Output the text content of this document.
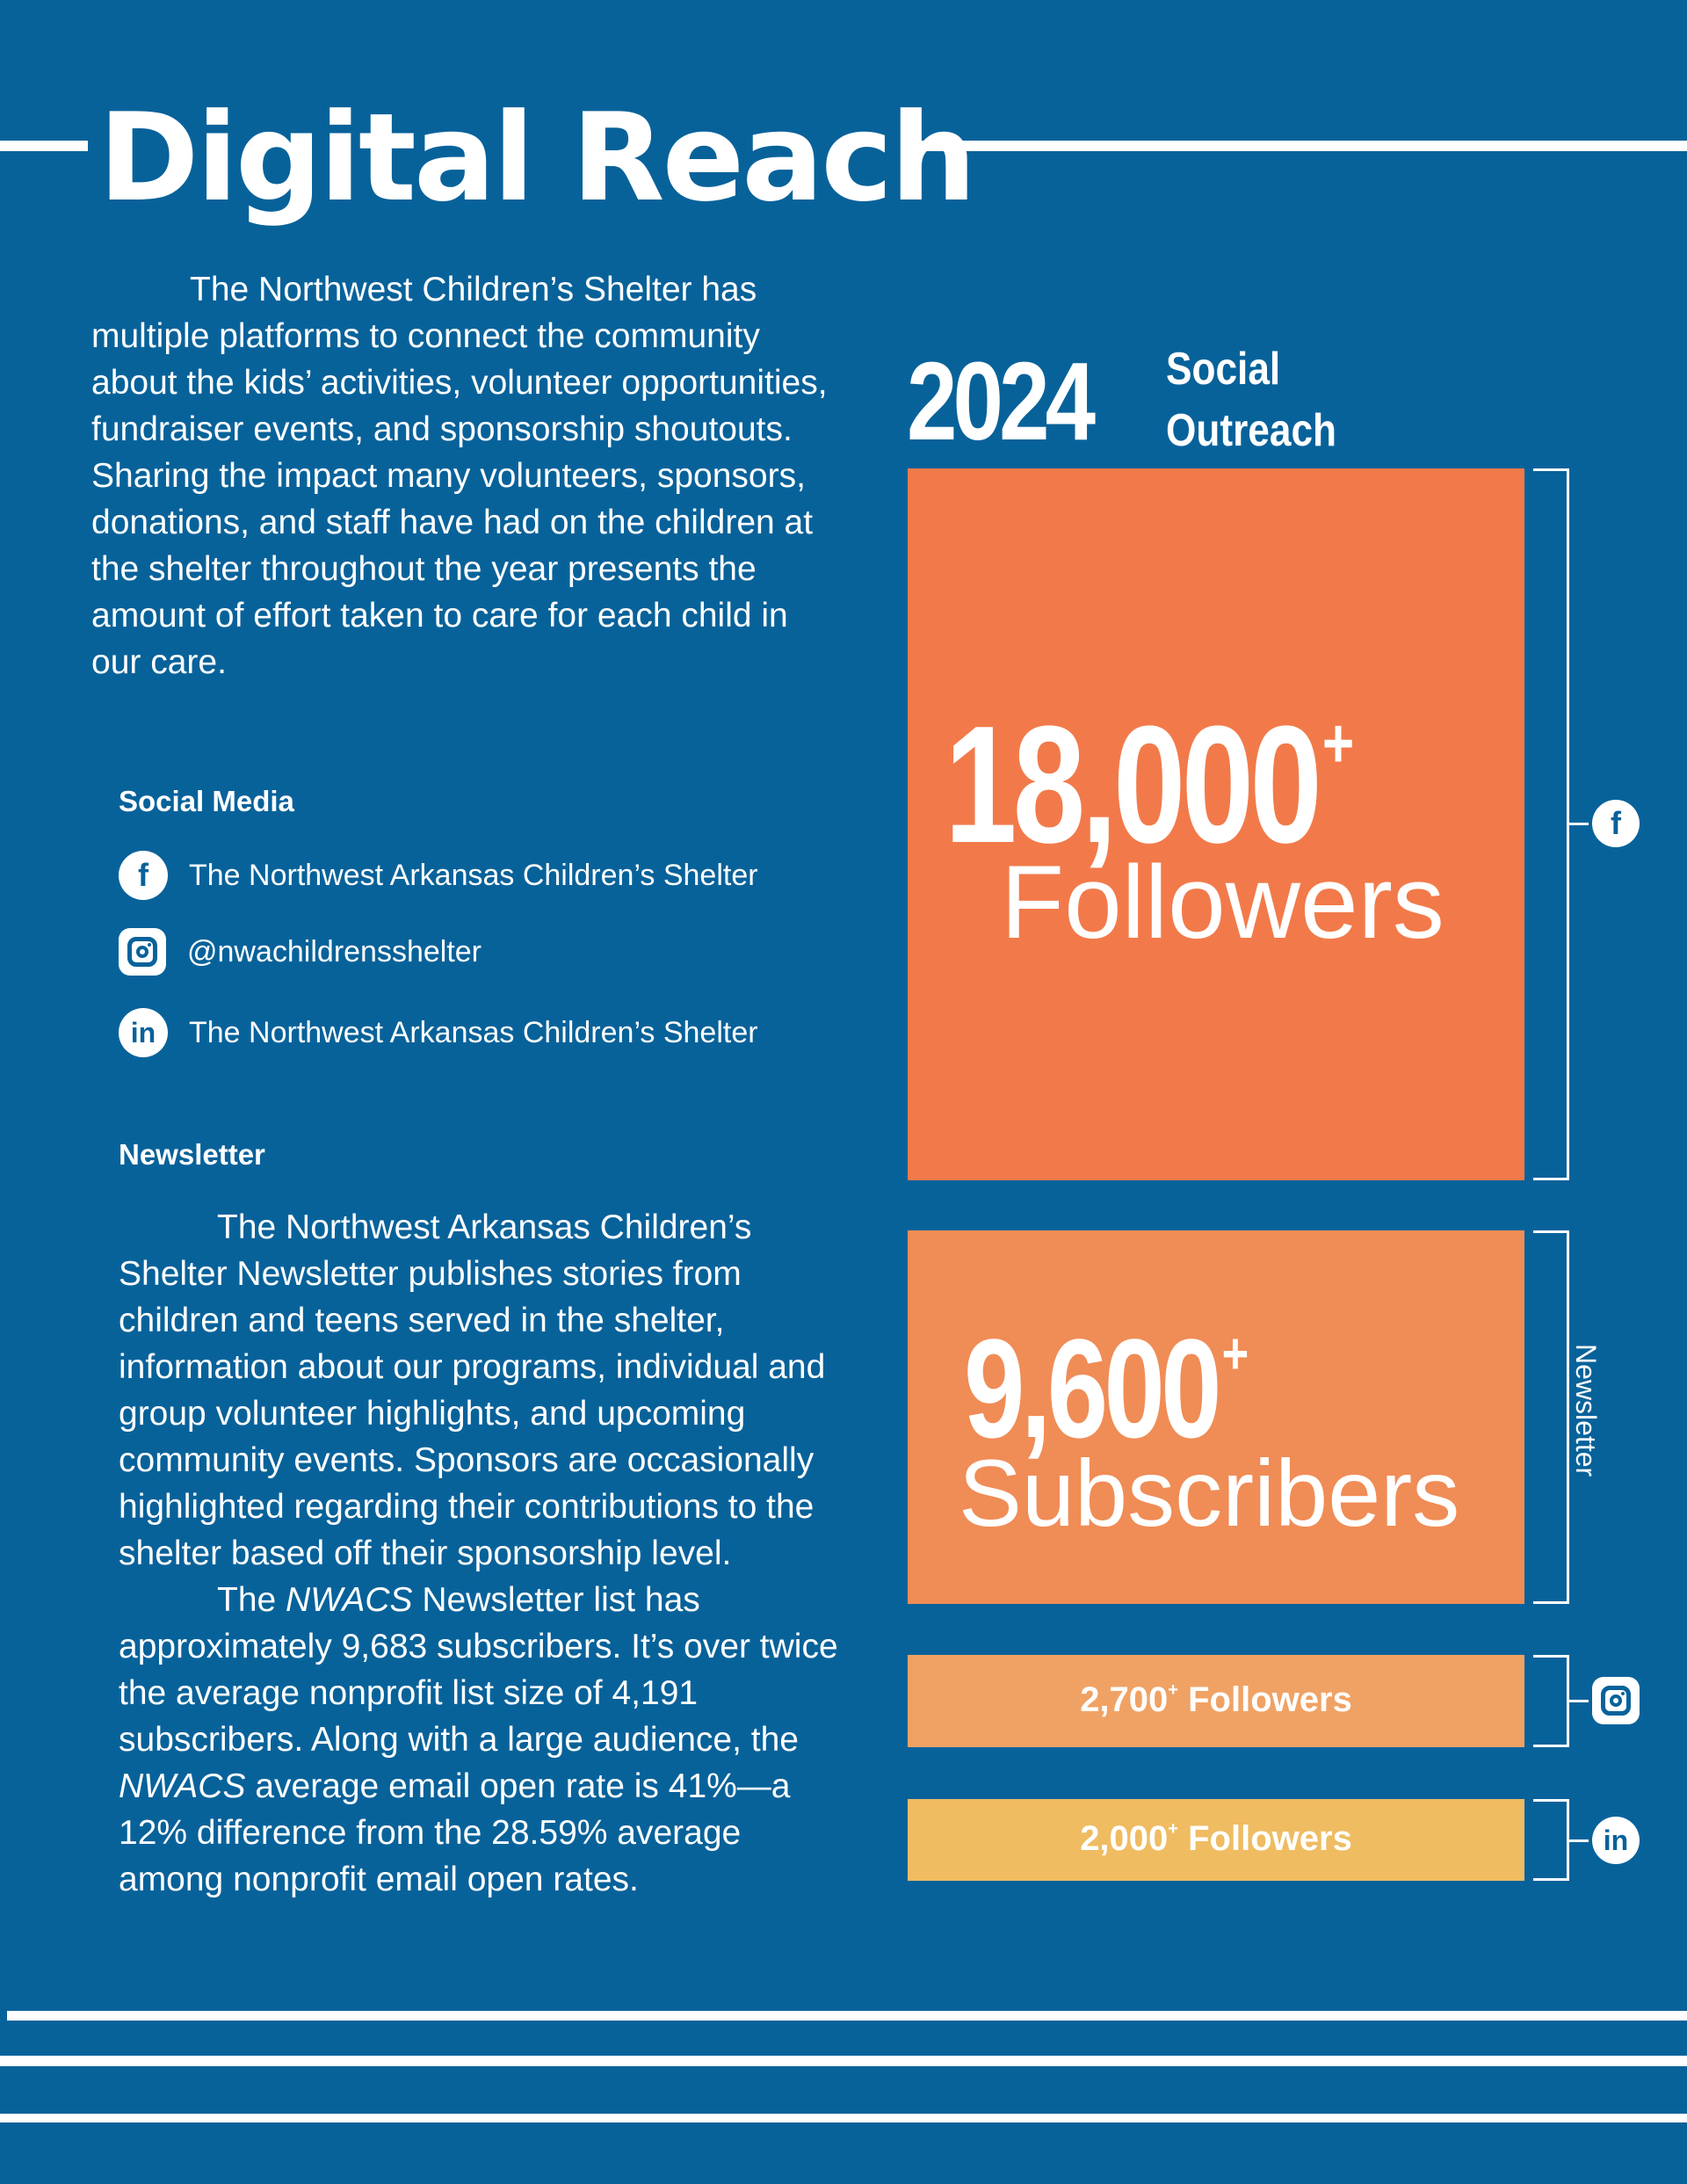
Digital Reach

The Northwest Children’s Shelter has multiple platforms to connect the community about the kids’ activities, volunteer opportunities, fundraiser events, and sponsorship shoutouts. Sharing the impact many volunteers, sponsors, donations, and staff have had on the children at the shelter throughout the year presents the amount of effort taken to care for each child in our care.

Social Media

f	The Northwest Arkansas Children’s Shelter
@nwachildrensshelter
in	The Northwest Arkansas Children’s Shelter

Newsletter

The Northwest Arkansas Children’s Shelter Newsletter publishes stories from children and teens served in the shelter, information about our programs, individual and group volunteer highlights, and upcoming community events. Sponsors are occasionally highlighted regarding their contributions to the shelter based off their sponsorship level.

The NWACS Newsletter list has approximately 9,683 subscribers. It’s over twice the average nonprofit list size of 4,191 subscribers. Along with a large audience, the NWACS average email open rate is 41%—a 12% difference from the 28.59% average among nonprofit email open rates.

2024 Social
Outreach
18,000+
Followers
f
9,600+
Subscribers
Newsletter
2,700+ Followers
2,000+ Followers	in
